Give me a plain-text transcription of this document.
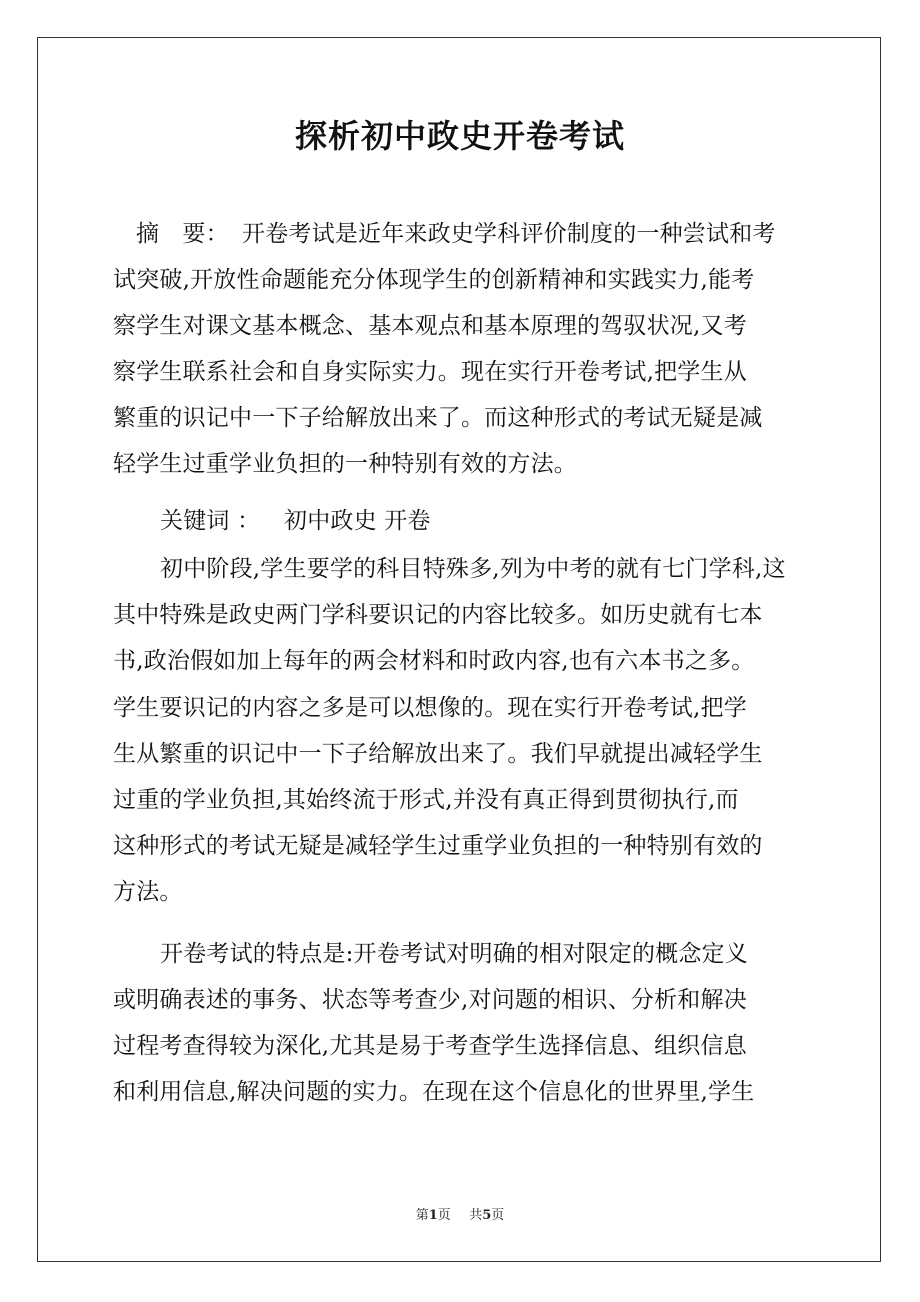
探析初中政史开卷考试
摘　要： 开卷考试是近年来政史学科评价制度的一种尝试和考
试突破,开放性命题能充分体现学生的创新精神和实践实力,能考
察学生对课文基本概念、基本观点和基本原理的驾驭状况,又考
察学生联系社会和自身实际实力。现在实行开卷考试,把学生从
繁重的识记中一下子给解放出来了。而这种形式的考试无疑是减
轻学生过重学业负担的一种特别有效的方法。
关键词 ： 初中政史 开卷
初中阶段,学生要学的科目特殊多,列为中考的就有七门学科,这
其中特殊是政史两门学科要识记的内容比较多。如历史就有七本
书,政治假如加上每年的两会材料和时政内容,也有六本书之多。
学生要识记的内容之多是可以想像的。现在实行开卷考试,把学
生从繁重的识记中一下子给解放出来了。我们早就提出减轻学生
过重的学业负担,其始终流于形式,并没有真正得到贯彻执行,而
这种形式的考试无疑是减轻学生过重学业负担的一种特别有效的
方法。
开卷考试的特点是:开卷考试对明确的相对限定的概念定义
或明确表述的事务、状态等考查少,对问题的相识、分析和解决
过程考查得较为深化,尤其是易于考查学生选择信息、组织信息
和利用信息,解决问题的实力。在现在这个信息化的世界里,学生
第1页 共5页
